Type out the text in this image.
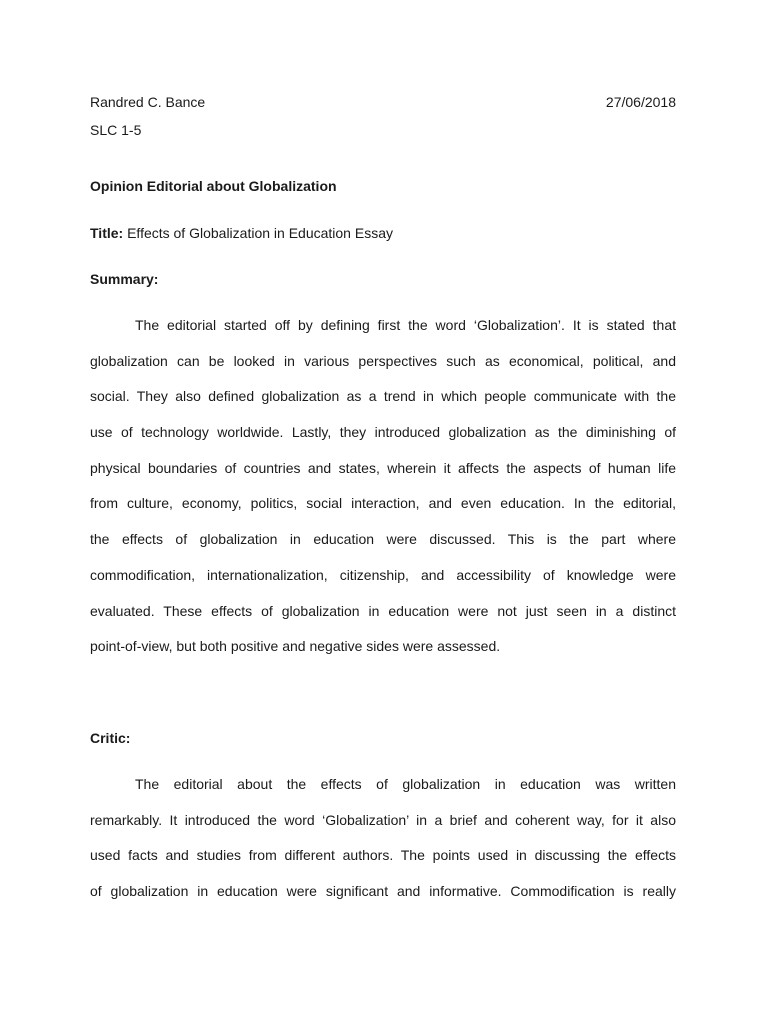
Randred C. Bance	27/06/2018
SLC 1-5
Opinion Editorial about Globalization
Title: Effects of Globalization in Education Essay
Summary:
The editorial started off by defining first the word ‘Globalization’. It is stated that
globalization can be looked in various perspectives such as economical, political, and
social. They also defined globalization as a trend in which people communicate with the
use of technology worldwide. Lastly, they introduced globalization as the diminishing of
physical boundaries of countries and states, wherein it affects the aspects of human life
from culture, economy, politics, social interaction, and even education. In the editorial,
the effects of globalization in education were discussed. This is the part where
commodification, internationalization, citizenship, and accessibility of knowledge were
evaluated. These effects of globalization in education were not just seen in a distinct
point-of-view, but both positive and negative sides were assessed.
Critic:
The editorial about the effects of globalization in education was written
remarkably. It introduced the word ‘Globalization’ in a brief and coherent way, for it also
used facts and studies from different authors. The points used in discussing the effects
of globalization in education were significant and informative. Commodification is really
